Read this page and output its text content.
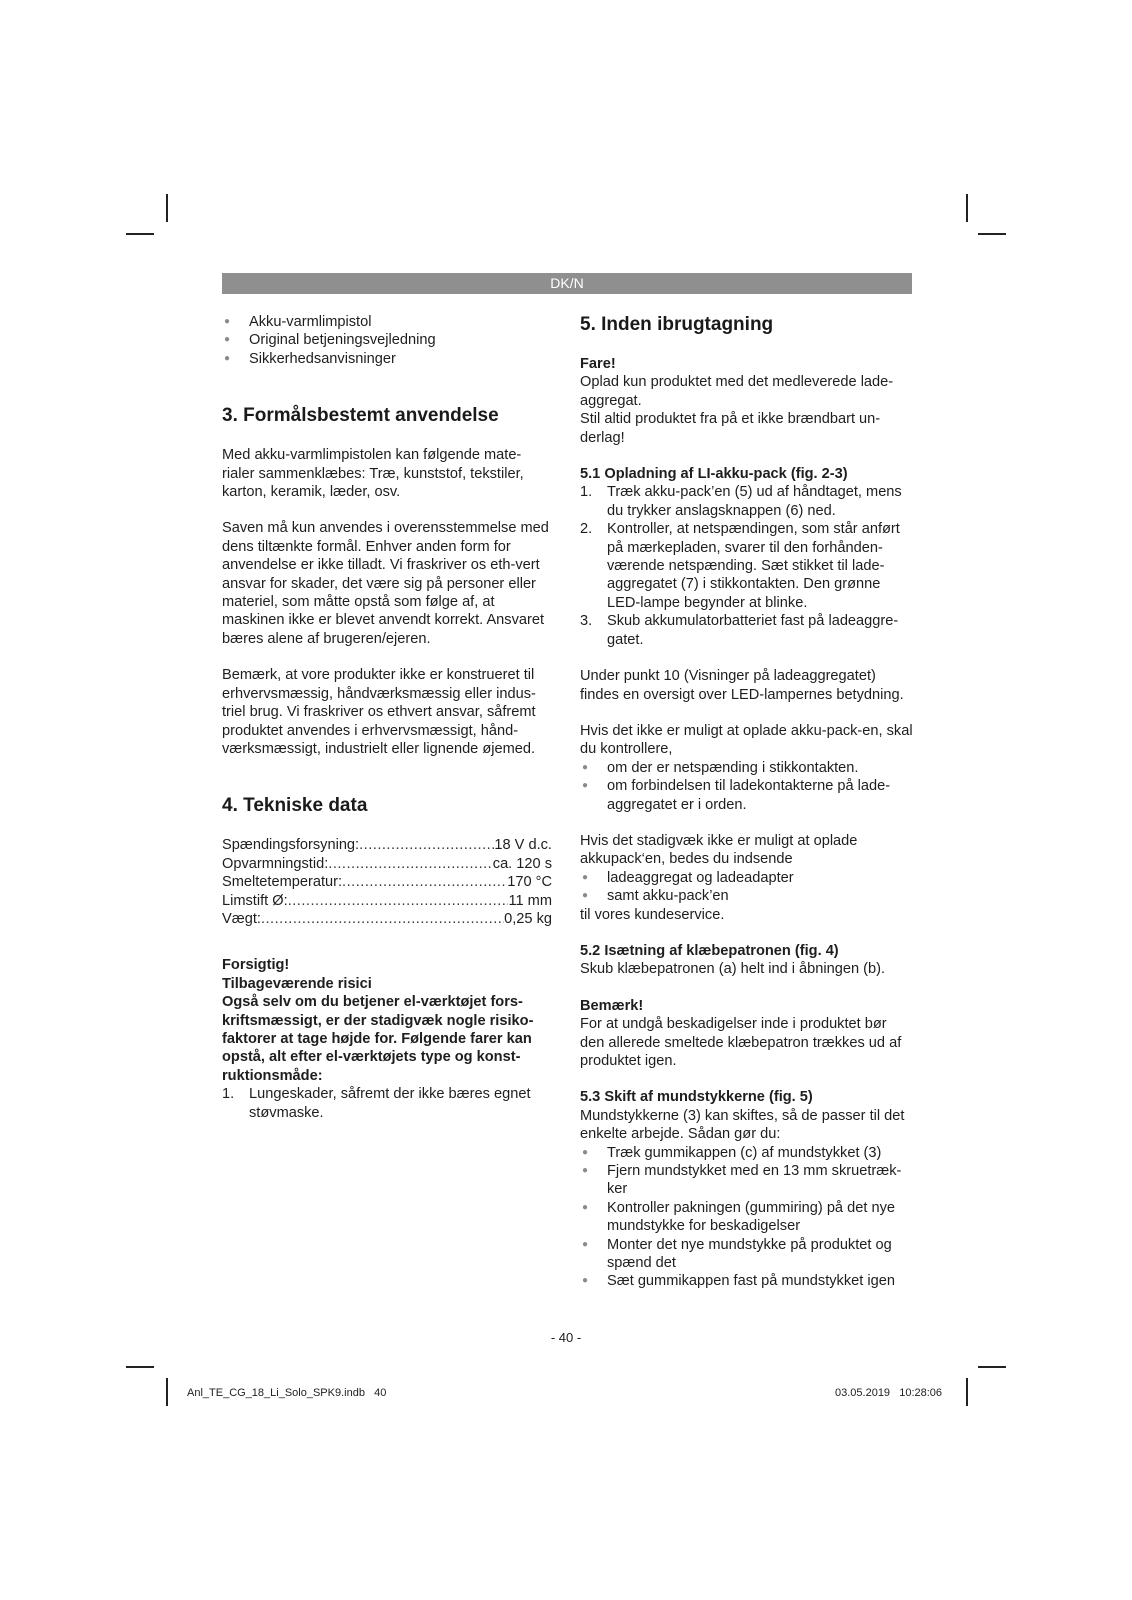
DK/N
● Akku-varmlimpistol
● Original betjeningsvejledning
● Sikkerhedsanvisninger

3. Formålsbestemt anvendelse

Med akku-varmlimpistolen kan følgende mate-rialer sammenklæbes: Træ, kunststof, tekstiler, karton, keramik, læder, osv.

Saven må kun anvendes i overensstemmelse med dens tiltænkte formål. Enhver anden form for anvendelse er ikke tilladt. Vi fraskriver os eth-vert ansvar for skader, det være sig på personer eller materiel, som måtte opstå som følge af, at maskinen ikke er blevet anvendt korrekt. Ansvaret bæres alene af brugeren/ejeren.

Bemærk, at vore produkter ikke er konstrueret til erhvervsmæssig, håndværksmæssig eller indus-triel brug. Vi fraskriver os ethvert ansvar, såfremt produktet anvendes i erhvervsmæssigt, hånd-værksmæssigt, industrielt eller lignende øjemed.

4. Tekniske data

Spændingsforsyning: .....	18 V d.c.
Opvarmningstid: .....	ca. 120 s
Smeltetemperatur: .....	170 °C
Limstift Ø: .....	11 mm
Vægt: .....	0,25 kg

Forsigtig!

Tilbageværende risici

Også selv om du betjener el-værktøjet fors-kriftsmæssigt, er der stadigvæk nogle risiko-faktorer at tage højde for. Følgende farer kan opstå, alt efter el-værktøjets type og konst-ruktionsmåde:

1. Lungeskader, såfremt der ikke bæres egnet støvmaske.

5. Inden ibrugtagning

Fare!

Oplad kun produktet med det medleverede lade-aggregat.

Stil altid produktet fra på et ikke brændbart un-derlag!

5.1 Opladning af LI-akku-pack (fig. 2-3)

1. Træk akku-pack’en (5) ud af håndtaget, mens du trykker anslagsknappen (6) ned.
2. Kontroller, at netspændingen, som står anført på mærkepladen, svarer til den forhånden-værende netspænding. Sæt stikket til lade-aggregatet (7) i stikkontakten. Den grønne LED-lampe begynder at blinke.
3. Skub akkumulatorbatteriet fast på ladeaggre-gatet.

Under punkt 10 (Visninger på ladeaggregatet) findes en oversigt over LED-lampernes betydning.

Hvis det ikke er muligt at oplade akku-pack-en, skal du kontrollere,

● om der er netspænding i stikkontakten.
● om forbindelsen til ladekontakterne på lade-aggregatet er i orden.

Hvis det stadigvæk ikke er muligt at oplade akkupack‘en, bedes du indsende

● ladeaggregat og ladeadapter
● samt akku-pack’en

til vores kundeservice.

5.2 Isætning af klæbepatronen (fig. 4)

Skub klæbepatronen (a) helt ind i åbningen (b).

Bemærk!

For at undgå beskadigelser inde i produktet bør den allerede smeltede klæbepatron trækkes ud af produktet igen.

5.3 Skift af mundstykkerne (fig. 5)

Mundstykkerne (3) kan skiftes, så de passer til det enkelte arbejde. Sådan gør du:

● Træk gummikappen (c) af mundstykket (3)
● Fjern mundstykket med en 13 mm skruetræk-ker
● Kontroller pakningen (gummiring) på det nye mundstykke for beskadigelser
● Monter det nye mundstykke på produktet og spænd det
● Sæt gummikappen fast på mundstykket igen
- 40 -
Anl_TE_CG_18_Li_Solo_SPK9.indb   40	03.05.2019   10:28:06
